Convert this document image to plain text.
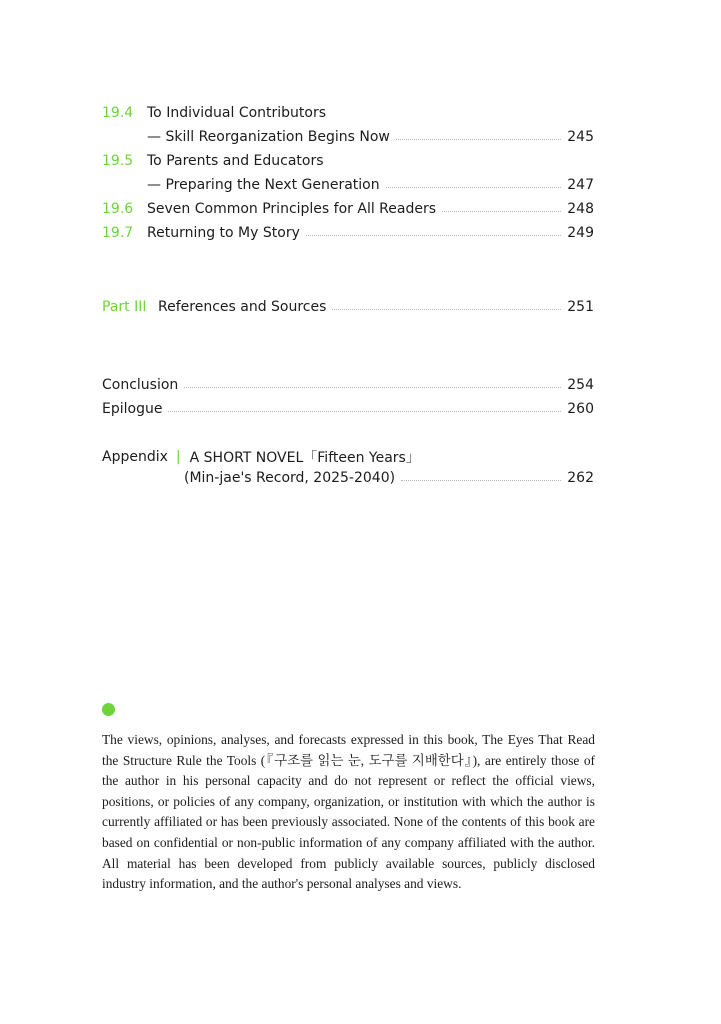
19.4 To Individual Contributors
— Skill Reorganization Begins Now	245
19.5 To Parents and Educators
— Preparing the Next Generation	247
19.6 Seven Common Principles for All Readers	248
19.7 Returning to My Story	249
Part III References and Sources	251
Conclusion	254
Epilogue	260
Appendix | A SHORT NOVEL「Fifteen Years」
(Min-jae's Record, 2025-2040)	262

The views, opinions, analyses, and forecasts expressed in this book, The Eyes That Read the Structure Rule the Tools (『구조를 읽는 눈, 도구를 지배한다』), are entirely those of the author in his personal capacity and do not represent or reflect the official views, positions, or policies of any company, organization, or institution with which the author is currently affiliated or has been previously associated. None of the contents of this book are based on confidential or non-public information of any company affiliated with the author. All material has been developed from publicly available sources, publicly disclosed industry information, and the author's personal analyses and views.
